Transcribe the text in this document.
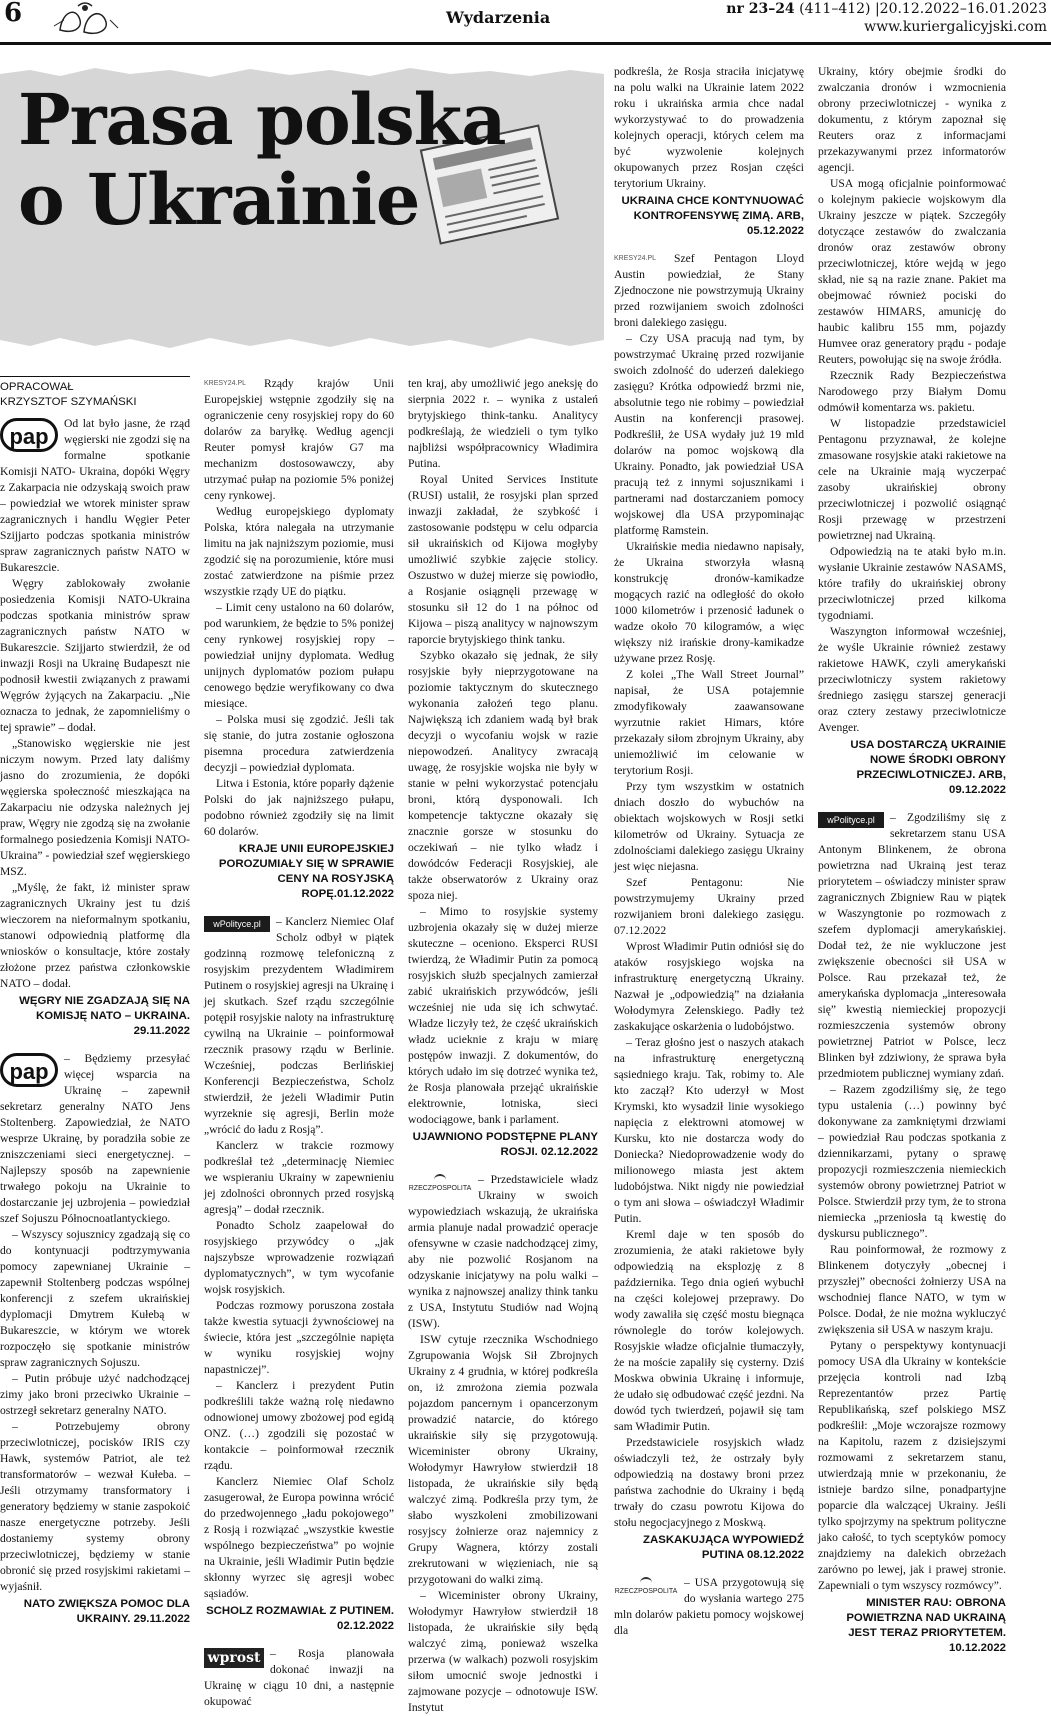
6	Wydarzenia	nr 23–24 (411–412) |20.12.2022–16.01.2023
www.kuriergalicyjski.com
Prasa polska
o Ukrainie
OPRACOWAŁ
KRZYSZTOF SZYMAŃSKI

pap
Od lat było jasne, że rząd węgierski nie zgodzi się na formalne spotkanie Komisji NATO- Ukraina, dopóki Węgry z Zakarpacia nie odzyskają swoich praw – powiedział we wtorek minister spraw zagranicznych i handlu Węgier Peter Szijjarto podczas spotkania ministrów spraw zagranicznych państw NATO w Bukareszcie.

Węgry zablokowały zwołanie posiedzenia Komisji NATO-Ukraina podczas spotkania ministrów spraw zagranicznych państw NATO w Bukareszcie. Szijjarto stwierdził, że od inwazji Rosji na Ukrainę Budapeszt nie podnosił kwestii związanych z prawami Węgrów żyjących na Zakarpaciu. „Nie oznacza to jednak, że zapomnieliśmy o tej sprawie” – dodał.

„Stanowisko węgierskie nie jest niczym nowym. Przed laty daliśmy jasno do zrozumienia, że dopóki węgierska społeczność mieszkająca na Zakarpaciu nie odzyska należnych jej praw, Węgry nie zgodzą się na zwołanie formalnego posiedzenia Komisji NATO-Ukraina” - powiedział szef węgierskiego MSZ.

„Myślę, że fakt, iż minister spraw zagranicznych Ukrainy jest tu dziś wieczorem na nieformalnym spotkaniu, stanowi odpowiednią platformę dla wniosków o konsultacje, które zostały złożone przez państwa członkowskie NATO – dodał.

WĘGRY NIE ZGADZAJĄ SIĘ NA KOMISJĘ NATO – UKRAINA. 29.11.2022

pap
– Będziemy przesyłać więcej wsparcia na Ukrainę – zapewnił sekretarz generalny NATO Jens Stoltenberg. Zapowiedział, że NATO wesprze Ukrainę, by poradziła sobie ze zniszczeniami sieci energetycznej. – Najlepszy sposób na zapewnienie trwałego pokoju na Ukrainie to dostarczanie jej uzbrojenia – powiedział szef Sojuszu Północnoatlantyckiego.

– Wszyscy sojusznicy zgadzają się co do kontynuacji podtrzymywania pomocy zapewnianej Ukrainie – zapewnił Stoltenberg podczas wspólnej konferencji z szefem ukraińskiej dyplomacji Dmytrem Kułebą w Bukareszcie, w którym we wtorek rozpoczęło się spotkanie ministrów spraw zagranicznych Sojuszu.

– Putin próbuje użyć nadchodzącej zimy jako broni przeciwko Ukrainie – ostrzegł sekretarz generalny NATO.

– Potrzebujemy obrony przeciwlotniczej, pocisków IRIS czy Hawk, systemów Patriot, ale też transformatorów – wezwał Kułeba. – Jeśli otrzymamy transformatory i generatory będziemy w stanie zaspokoić nasze energetyczne potrzeby. Jeśli dostaniemy systemy obrony przeciwlotniczej, będziemy w stanie obronić się przed rosyjskimi rakietami – wyjaśnił.

NATO ZWIĘKSZA POMOC DLA UKRAINY. 29.11.2022

KRESY24.PL Rządy krajów Unii Europejskiej wstępnie zgodziły się na ograniczenie ceny rosyjskiej ropy do 60 dolarów za baryłkę. Według agencji Reuter pomysł krajów G7 ma mechanizm dostosowawczy, aby utrzymać pułap na poziomie 5% poniżej ceny rynkowej.

Według europejskiego dyplomaty Polska, która nalegała na utrzymanie limitu na jak najniższym poziomie, musi zgodzić się na porozumienie, które musi zostać zatwierdzone na piśmie przez wszystkie rządy UE do piątku.

– Limit ceny ustalono na 60 dolarów, pod warunkiem, że będzie to 5% poniżej ceny rynkowej rosyjskiej ropy – powiedział unijny dyplomata. Według unijnych dyplomatów poziom pułapu cenowego będzie weryfikowany co dwa miesiące.

– Polska musi się zgodzić. Jeśli tak się stanie, do jutra zostanie ogłoszona pisemna procedura zatwierdzenia decyzji – powiedział dyplomata.

Litwa i Estonia, które poparły dążenie Polski do jak najniższego pułapu, podobno również zgodziły się na limit 60 dolarów.

KRAJE UNII EUROPEJSKIEJ POROZUMIAŁY SIĘ W SPRAWIE CENY NA ROSYJSKĄ ROPĘ.01.12.2022

wPolityce.pl	– Kanclerz Niemiec Olaf Scholz odbył w piątek godzinną rozmowę telefoniczną z rosyjskim prezydentem Władimirem Putinem o rosyjskiej agresji na Ukrainę i jej skutkach. Szef rządu szczególnie potępił rosyjskie naloty na infrastrukturę cywilną na Ukrainie – poinformował rzecznik prasowy rządu w Berlinie. Wcześniej, podczas Berlińskiej Konferencji Bezpieczeństwa, Scholz stwierdził, że jeżeli Władimir Putin wyrzeknie się agresji, Berlin może „wrócić do ładu z Rosją”.

Kanclerz w trakcie rozmowy podkreślał też „determinację Niemiec we wspieraniu Ukrainy w zapewnieniu jej zdolności obronnych przed rosyjską agresją” – dodał rzecznik.

Ponadto Scholz zaapelował do rosyjskiego przywódcy o „jak najszybsze wprowadzenie rozwiązań dyplomatycznych”, w tym wycofanie wojsk rosyjskich.

Podczas rozmowy poruszona została także kwestia sytuacji żywnościowej na świecie, która jest „szczególnie napięta w wyniku rosyjskiej wojny napastniczej”.

– Kanclerz i prezydent Putin podkreślili także ważną rolę niedawno odnowionej umowy zbożowej pod egidą ONZ. (…) zgodzili się pozostać w kontakcie – poinformował rzecznik rządu.

Kanclerz Niemiec Olaf Scholz zasugerował, że Europa powinna wrócić do przedwojennego „ładu pokojowego” z Rosją i rozwiązać „wszystkie kwestie wspólnego bezpieczeństwa” po wojnie na Ukrainie, jeśli Władimir Putin będzie skłonny wyrzec się agresji wobec sąsiadów.

SCHOLZ ROZMAWIAŁ Z PUTINEM. 02.12.2022

wprost – Rosja planowała dokonać inwazji na Ukrainę w ciągu 10 dni, a następnie okupować

ten kraj, aby umożliwić jego aneksję do sierpnia 2022 r. – wynika z ustaleń brytyjskiego think-tanku. Analitycy podkreślają, że wiedzieli o tym tylko najbliżsi współpracownicy Władimira Putina.

Royal United Services Institute (RUSI) ustalił, że rosyjski plan sprzed inwazji zakładał, że szybkość i zastosowanie podstępu w celu odparcia sił ukraińskich od Kijowa mogłyby umożliwić szybkie zajęcie stolicy. Oszustwo w dużej mierze się powiodło, a Rosjanie osiągnęli przewagę w stosunku sił 12 do 1 na północ od Kijowa – piszą analitycy w najnowszym raporcie brytyjskiego think tanku.

Szybko okazało się jednak, że siły rosyjskie były nieprzygotowane na poziomie taktycznym do skutecznego wykonania założeń tego planu. Największą ich zdaniem wadą był brak decyzji o wycofaniu wojsk w razie niepowodzeń. Analitycy zwracają uwagę, że rosyjskie wojska nie były w stanie w pełni wykorzystać potencjału broni, którą dysponowali. Ich kompetencje taktyczne okazały się znacznie gorsze w stosunku do oczekiwań – nie tylko władz i dowódców Federacji Rosyjskiej, ale także obserwatorów z Ukrainy oraz spoza niej.

– Mimo to rosyjskie systemy uzbrojenia okazały się w dużej mierze skuteczne – oceniono. Eksperci RUSI twierdzą, że Władimir Putin za pomocą rosyjskich służb specjalnych zamierzał zabić ukraińskich przywódców, jeśli wcześniej nie uda się ich schwytać. Władze liczyły też, że część ukraińskich władz ucieknie z kraju w miarę postępów inwazji. Z dokumentów, do których udało im się dotrzeć wynika też, że Rosja planowała przejąć ukraińskie elektrownie, lotniska, sieci wodociągowe, bank i parlament.

UJAWNIONO PODSTĘPNE PLANY ROSJI. 02.12.2022

RZECZPOSPOLITA
– Przedstawiciele władz Ukrainy w swoich wypowiedziach wskazują, że ukraińska armia planuje nadal prowadzić operacje ofensywne w czasie nadchodzącej zimy, aby nie pozwolić Rosjanom na odzyskanie inicjatywy na polu walki – wynika z najnowszej analizy think tanku z USA, Instytutu Studiów nad Wojną (ISW).

ISW cytuje rzecznika Wschodniego Zgrupowania Wojsk Sił Zbrojnych Ukrainy z 4 grudnia, w której podkreśla on, iż zmrożona ziemia pozwala pojazdom pancernym i opancerzonym prowadzić natarcie, do którego ukraińskie siły się przygotowują. Wiceminister obrony Ukrainy, Wołodymyr Hawryłow stwierdził 18 listopada, że ukraińskie siły będą walczyć zimą. Podkreśla przy tym, że słabo wyszkoleni zmobilizowani rosyjscy żołnierze oraz najemnicy z Grupy Wagnera, którzy zostali zrekrutowani w więzieniach, nie są przygotowani do walki zimą.

– Wiceminister obrony Ukrainy, Wołodymyr Hawryłow stwierdził 18 listopada, że ukraińskie siły będą walczyć zimą, ponieważ wszelka przerwa (w walkach) pozwoli rosyjskim siłom umocnić swoje jednostki i zajmowane pozycje – odnotowuje ISW. Instytut

podkreśla, że Rosja straciła inicjatywę na polu walki na Ukrainie latem 2022 roku i ukraińska armia chce nadal wykorzystywać to do prowadzenia kolejnych operacji, których celem ma być wyzwolenie kolejnych okupowanych przez Rosjan części terytorium Ukrainy.

UKRAINA CHCE KONTYNUOWAĆ KONTROFENSYWĘ ZIMĄ. ARB, 05.12.2022

KRESY24.PL Szef Pentagon Lloyd Austin powiedział, że Stany Zjednoczone nie powstrzymują Ukrainy przed rozwijaniem swoich zdolności broni dalekiego zasięgu.

– Czy USA pracują nad tym, by powstrzymać Ukrainę przed rozwijanie swoich zdolność do uderzeń dalekiego zasięgu? Krótka odpowiedź brzmi nie, absolutnie tego nie robimy – powiedział Austin na konferencji prasowej. Podkreślił, że USA wydały już 19 mld dolarów na pomoc wojskową dla Ukrainy. Ponadto, jak powiedział USA pracują też z innymi sojusznikami i partnerami nad dostarczaniem pomocy wojskowej dla USA przypominając platformę Ramstein.

Ukraińskie media niedawno napisały, że Ukraina stworzyła własną konstrukcję dronów-kamikadze mogących razić na odległość do około 1000 kilometrów i przenosić ładunek o wadze około 70 kilogramów, a więc większy niż irańskie drony-kamikadze używane przez Rosję.

Z kolei „The Wall Street Journal” napisał, że USA potajemnie zmodyfikowały zaawansowane wyrzutnie rakiet Himars, które przekazały siłom zbrojnym Ukrainy, aby uniemożliwić im celowanie w terytorium Rosji.

Przy tym wszystkim w ostatnich dniach doszło do wybuchów na obiektach wojskowych w Rosji setki kilometrów od Ukrainy. Sytuacja ze zdolnościami dalekiego zasięgu Ukrainy jest więc niejasna.

Szef Pentagonu: Nie powstrzymujemy Ukrainy przed rozwijaniem broni dalekiego zasięgu. 07.12.2022

Wprost Władimir Putin odniósł się do ataków rosyjskiego wojska na infrastrukturę energetyczną Ukrainy. Nazwał je „odpowiedzią” na działania Wołodymyra Zełenskiego. Padły też zaskakujące oskarżenia o ludobójstwo.

– Teraz głośno jest o naszych atakach na infrastrukturę energetyczną sąsiedniego kraju. Tak, robimy to. Ale kto zaczął? Kto uderzył w Most Krymski, kto wysadził linie wysokiego napięcia z elektrowni atomowej w Kursku, kto nie dostarcza wody do Doniecka? Niedoprowadzenie wody do milionowego miasta jest aktem ludobójstwa. Nikt nigdy nie powiedział o tym ani słowa – oświadczył Władimir Putin.

Kreml daje w ten sposób do zrozumienia, że ataki rakietowe były odpowiedzią na eksplozję z 8 października. Tego dnia ogień wybuchł na części kolejowej przeprawy. Do wody zawaliła się część mostu biegnąca równolegle do torów kolejowych. Rosyjskie władze oficjalnie tłumaczyły, że na moście zapaliły się cysterny. Dziś Moskwa obwinia Ukrainę i informuje, że udało się odbudować część jezdni. Na dowód tych twierdzeń, pojawił się tam sam Władimir Putin.

Przedstawiciele rosyjskich władz oświadczyli też, że ostrzały były odpowiedzią na dostawy broni przez państwa zachodnie do Ukrainy i będą trwały do czasu powrotu Kijowa do stołu negocjacyjnego z Moskwą.

ZASKAKUJĄCA WYPOWIEDŹ PUTINA 08.12.2022

RZECZPOSPOLITA
– USA przygotowują się do wysłania wartego 275 mln dolarów pakietu pomocy wojskowej dla

Ukrainy, który obejmie środki do zwalczania dronów i wzmocnienia obrony przeciwlotniczej - wynika z dokumentu, z którym zapoznał się Reuters oraz z informacjami przekazywanymi przez informatorów agencji.

USA mogą oficjalnie poinformować o kolejnym pakiecie wojskowym dla Ukrainy jeszcze w piątek. Szczegóły dotyczące zestawów do zwalczania dronów oraz zestawów obrony przeciwlotniczej, które wejdą w jego skład, nie są na razie znane. Pakiet ma obejmować również pociski do zestawów HIMARS, amunicję do haubic kalibru 155 mm, pojazdy Humvee oraz generatory prądu - podaje Reuters, powołując się na swoje źródła.

Rzecznik Rady Bezpieczeństwa Narodowego przy Białym Domu odmówił komentarza ws. pakietu.

W listopadzie przedstawiciel Pentagonu przyznawał, że kolejne zmasowane rosyjskie ataki rakietowe na cele na Ukrainie mają wyczerpać zasoby ukraińskiej obrony przeciwlotniczej i pozwolić osiągnąć Rosji przewagę w przestrzeni powietrznej nad Ukrainą.

Odpowiedzią na te ataki było m.in. wysłanie Ukrainie zestawów NASAMS, które trafiły do ukraińskiej obrony przeciwlotniczej przed kilkoma tygodniami.

Waszyngton informował wcześniej, że wyśle Ukrainie również zestawy rakietowe HAWK, czyli amerykański przeciwlotniczy system rakietowy średniego zasięgu starszej generacji oraz cztery zestawy przeciwlotnicze Avenger.

USA DOSTARCZĄ UKRAINIE NOWE ŚRODKI OBRONY PRZECIWLOTNICZEJ. ARB, 09.12.2022

wPolityce.pl	– Zgodziliśmy się z sekretarzem stanu USA Antonym Blinkenem, że obrona powietrzna nad Ukrainą jest teraz priorytetem – oświadczy minister spraw zagranicznych Zbigniew Rau w piątek w Waszyngtonie po rozmowach z szefem dyplomacji amerykańskiej. Dodał też, że nie wykluczone jest zwiększenie obecności sił USA w Polsce. Rau przekazał też, że amerykańska dyplomacja „interesowała się” kwestią niemieckiej propozycji rozmieszczenia systemów obrony powietrznej Patriot w Polsce, lecz Blinken był zdziwiony, że sprawa była przedmiotem publicznej wymiany zdań.

– Razem zgodziliśmy się, że tego typu ustalenia (…) powinny być dokonywane za zamkniętymi drzwiami – powiedział Rau podczas spotkania z dziennikarzami, pytany o sprawę propozycji rozmieszczenia niemieckich systemów obrony powietrznej Patriot w Polsce. Stwierdził przy tym, że to strona niemiecka „przeniosła tą kwestię do dyskursu publicznego”.

Rau poinformował, że rozmowy z Blinkenem dotyczyły „obecnej i przyszłej” obecności żołnierzy USA na wschodniej flance NATO, w tym w Polsce. Dodał, że nie można wykluczyć zwiększenia sił USA w naszym kraju.

Pytany o perspektywy kontynuacji pomocy USA dla Ukrainy w kontekście przejęcia kontroli nad Izbą Reprezentantów przez Partię Republikańską, szef polskiego MSZ podkreślił: „Moje wczorajsze rozmowy na Kapitolu, razem z dzisiejszymi rozmowami z sekretarzem stanu, utwierdzają mnie w przekonaniu, że istnieje bardzo silne, ponadpartyjne poparcie dla walczącej Ukrainy. Jeśli tylko spojrzymy na spektrum polityczne jako całość, to tych sceptyków pomocy znajdziemy na dalekich obrzeżach zarówno po lewej, jak i prawej stronie. Zapewniali o tym wszyscy rozmówcy”.

MINISTER RAU: OBRONA POWIETRZNA NAD UKRAINĄ JEST TERAZ PRIORYTETEM. 10.12.2022
